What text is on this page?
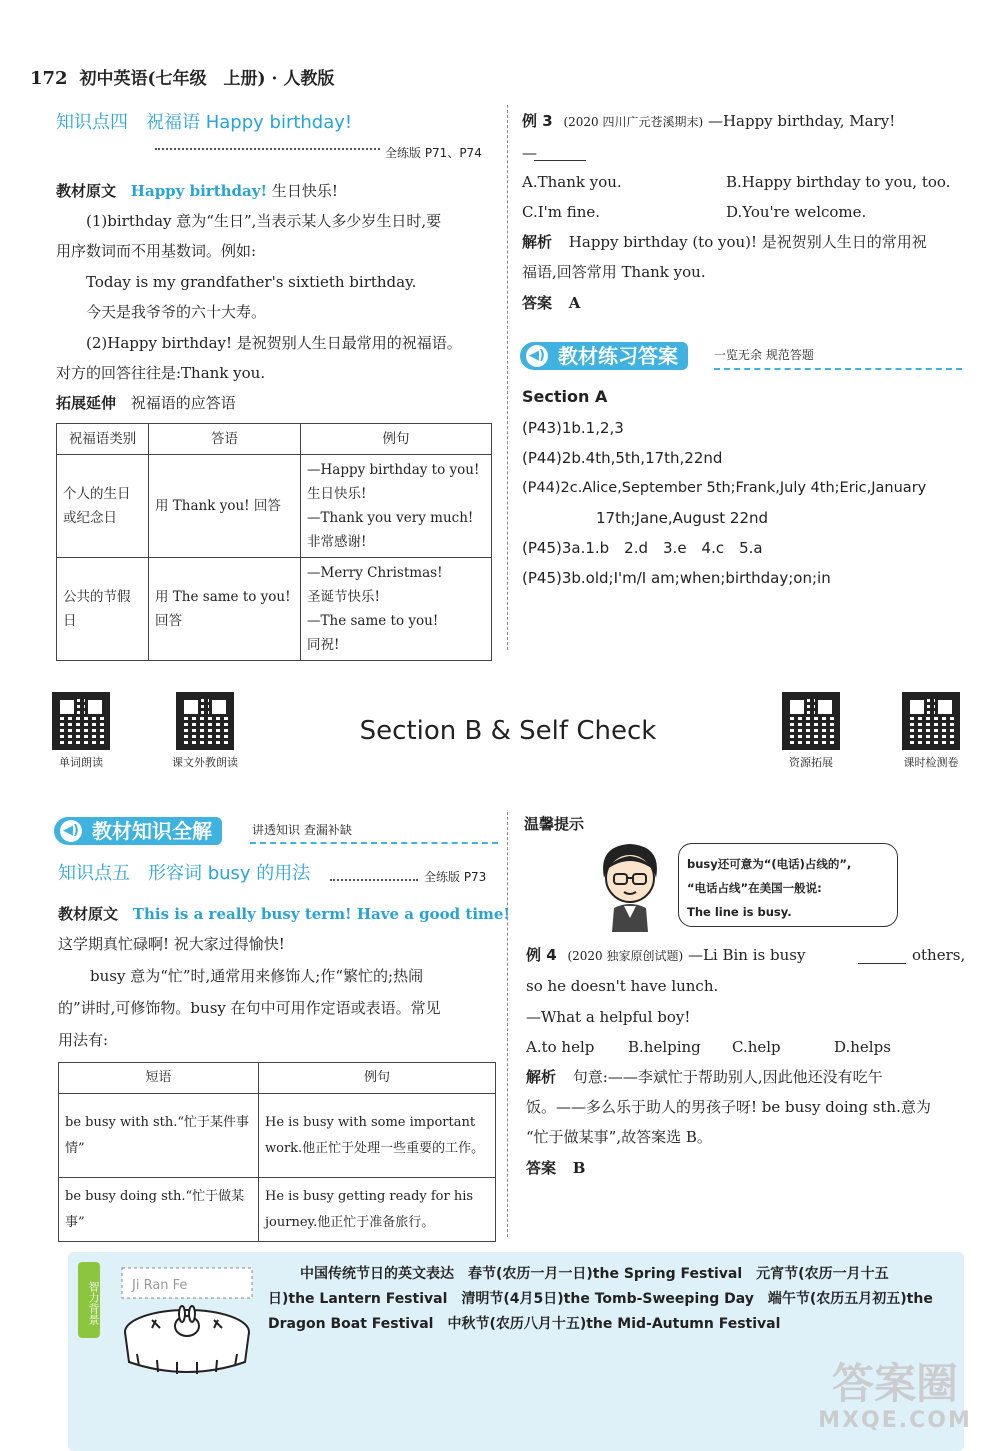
172 初中英语(七年级　上册) · 人教版
知识点四　祝福语 Happy birthday!
全练版 P71、P74
教材原文 Happy birthday! 生日快乐!
(1)birthday 意为“生日”,当表示某人多少岁生日时,要
用序数词而不用基数词。例如:
Today is my grandfather's sixtieth birthday.
今天是我爷爷的六十大寿。
(2)Happy birthday! 是祝贺别人生日最常用的祝福语。
对方的回答往往是:Thank you.
拓展延伸 祝福语的应答语
祝福语类别	答语	例句
个人的生日或纪念日	用 Thank you! 回答	—Happy birthday to you!
生日快乐!
—Thank you very much!
非常感谢!

公共的节假日	用 The same to you! 回答	—Merry Christmas!
圣诞节快乐!
—The same to you!
同祝!
例 3 (2020 四川广元苍溪期末) —Happy birthday, Mary!
—
A.Thank you.	B.Happy birthday to you, too.
C.I'm fine.	D.You're welcome.
解析 Happy birthday (to you)! 是祝贺别人生日的常用祝
福语,回答常用 Thank you.
答案 A
◀) 教材练习答案	一览无余 规范答题
Section A
(P43)1b.1,2,3
(P44)2b.4th,5th,17th,22nd
(P44)2c.Alice,September 5th;Frank,July 4th;Eric,January
17th;Jane,August 22nd
(P45)3a.1.b　2.d　3.e　4.c　5.a
(P45)3b.old;I'm/I am;when;birthday;on;in
单词朗读	课文外教朗读	资源拓展	课时检测卷
Section B & Self Check
◀) 教材知识全解	讲透知识 查漏补缺
知识点五　形容词 busy 的用法	全练版 P73
教材原文 This is a really busy term! Have a good time!
这学期真忙碌啊! 祝大家过得愉快!
busy 意为“忙”时,通常用来修饰人;作“繁忙的;热闹
的”讲时,可修饰物。busy 在句中可用作定语或表语。常见
用法有:
短语	例句
be busy with sth.“忙于某件事情”	He is busy with some important work.他正忙于处理一些重要的工作。
be busy doing sth.“忙于做某事”	He is busy getting ready for his journey.他正忙于准备旅行。
温馨提示
busy还可意为“(电话)占线的”,
“电话占线”在美国一般说:
The line is busy.
例 4 (2020 独家原创试题) —Li Bin is busy	others,
so he doesn't have lunch.
—What a helpful boy!
A.to help B.helping C.help	D.helps
解析 句意:——李斌忙于帮助别人,因此他还没有吃午
饭。——多么乐于助人的男孩子呀! be busy doing sth.意为
“忙于做某事”,故答案选 B。
答案 B
智力背景 Ji Ran Fe
中国传统节日的英文表达　春节(农历一月一日)the Spring Festival　元宵节(农历一月十五
日)the Lantern Festival　清明节(4月5日)the Tomb-Sweeping Day　端午节(农历五月初五)the
Dragon Boat Festival　中秋节(农历八月十五)the Mid-Autumn Festival
答案圈
MXQE.COM
